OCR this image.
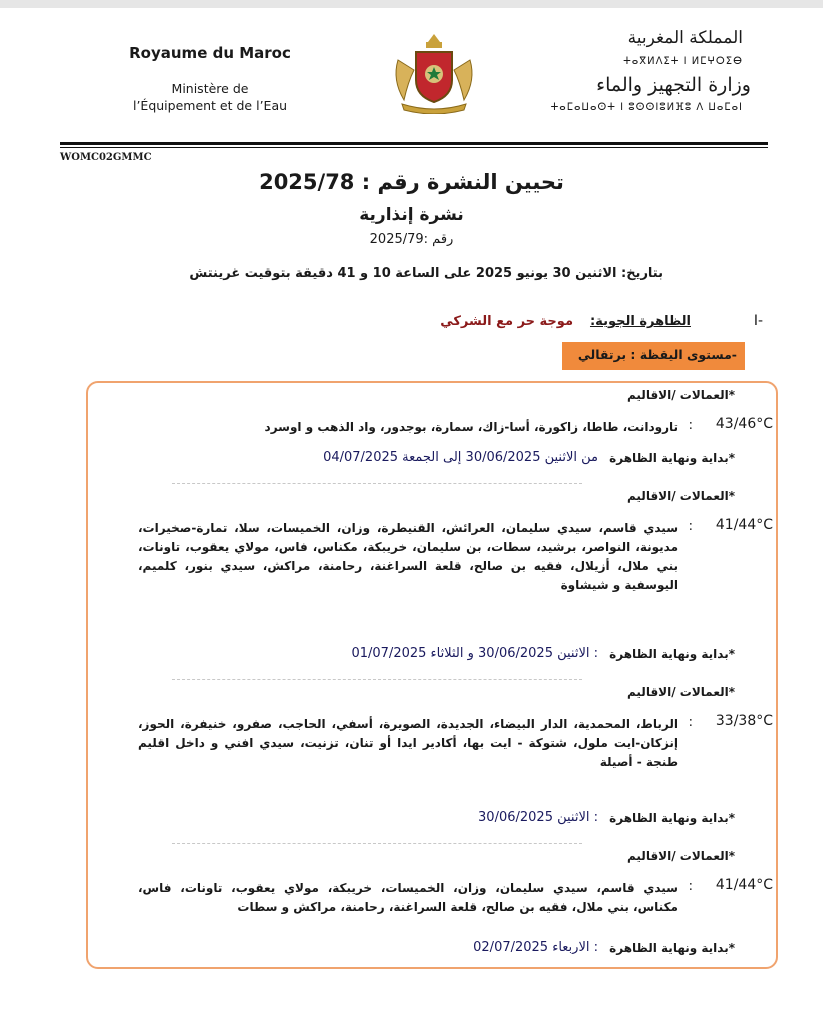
Royaume du Maroc
Ministère de
l’Équipement et de l’Eau
المملكة المغربية
ⵜⴰⴳⵍⴷⵉⵜ ⵏ ⵍⵎⵖⵔⵉⴱ
وزارة التجهيز والماء
ⵜⴰⵎⴰⵡⴰⵙⵜ ⵏ ⵓⵙⵙⵏⵓⵍⴼⵓ ⴷ ⵡⴰⵎⴰⵏ
WOMC02GMMC
تحيين النشرة رقم : 2025/78
نشرة إنذارية
رقم :2025/79
بتاريخ: الاثنين 30 يونيو 2025 على الساعة 10 و 41 دقيقة بتوقيت غرينتش
I-
الظاهرة الجوية:
موجة حر مع الشركي
-مستوى اليقظة : برتقالي
*العمالات /الاقاليم
43/46°C
:
تارودانت، طاطا، زاكورة، أسا-زاك، سمارة، بوجدور، واد الذهب و اوسرد
*بداية ونهاية الظاهرة
من الاثنين 30/06/2025 إلى الجمعة 04/07/2025
*العمالات /الاقاليم
41/44°C
:
سيدي قاسم، سيدي سليمان، العرائش، القنيطرة، وزان، الخميسات، سلا، تمارة-صخيرات، مديونة، النواصر، برشيد، سطات، بن سليمان، خريبكة، مكناس، فاس، مولاي يعقوب، تاونات، بني ملال، أزيلال، فقيه بن صالح، قلعة السراغنة، رحامنة، مراكش، سيدي بنور، كلميم، اليوسفية و شيشاوة
*بداية ونهاية الظاهرة
: الاثنين 30/06/2025 و الثلاثاء 01/07/2025
*العمالات /الاقاليم
33/38°C
:
الرباط، المحمدية، الدار البيضاء، الجديدة، الصويرة، أسفي، الحاجب، صفرو، خنيفرة، الحوز، إنزكان-ايت ملول، شتوكة - ايت بها، أكادير ايدا أو تنان، تزنيت، سيدي افني و داخل اقليم طنجة - أصيلة
*بداية ونهاية الظاهرة
: الاثنين 30/06/2025
*العمالات /الاقاليم
41/44°C
:
سيدي قاسم، سيدي سليمان، وزان، الخميسات، خريبكة، مولاي يعقوب، تاونات، فاس، مكناس، بني ملال، فقيه بن صالح، قلعة السراغنة، رحامنة، مراكش و سطات
*بداية ونهاية الظاهرة
: الاربعاء 02/07/2025
